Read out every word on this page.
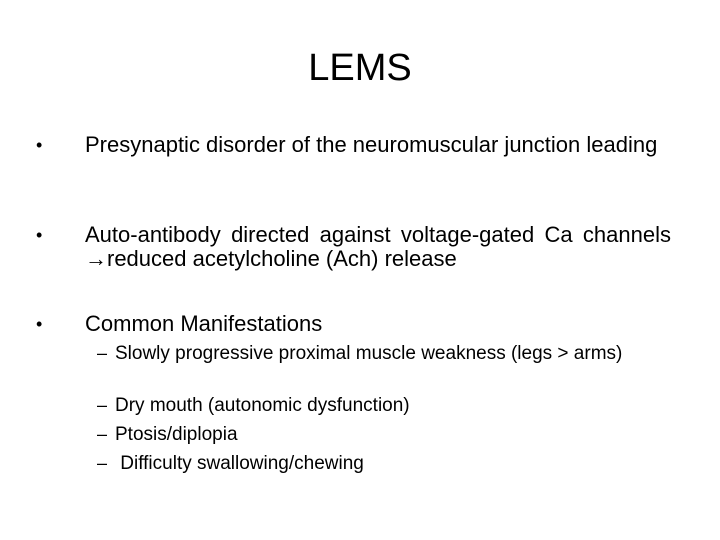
LEMS
• Presynaptic disorder of the neuromuscular junction leading
• Auto-antibody directed against voltage-gated Ca channels →reduced acetylcholine (Ach) release
• Common Manifestations
– Slowly progressive proximal muscle weakness (legs > arms)
– Dry mouth (autonomic dysfunction)
– Ptosis/diplopia
– Difficulty swallowing/chewing
